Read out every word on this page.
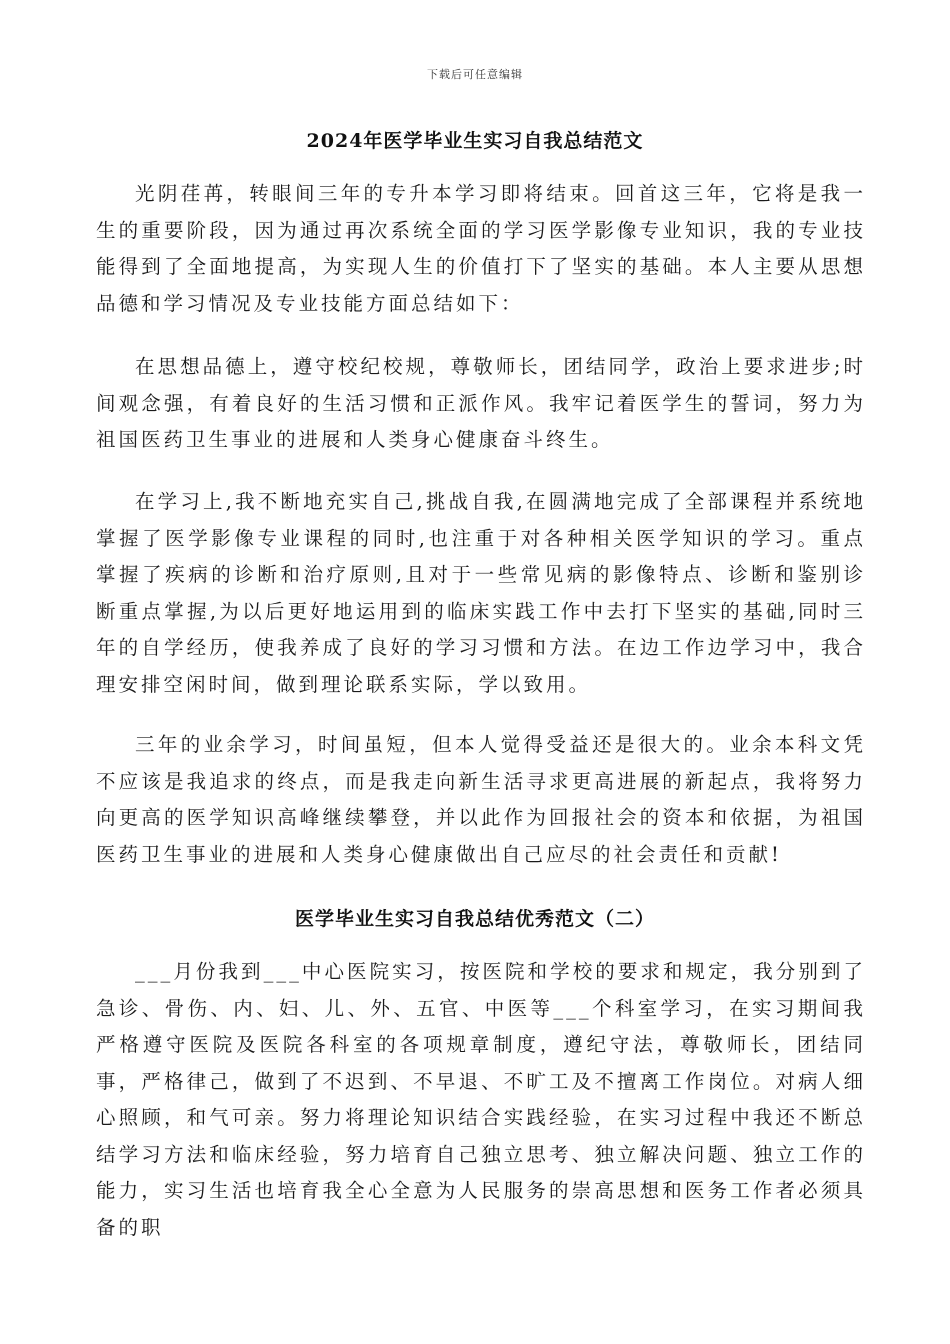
下载后可任意编辑
2024年医学毕业生实习自我总结范文

光阴荏苒，转眼间三年的专升本学习即将结束。回首这三年，它将是我一生的重要阶段，因为通过再次系统全面的学习医学影像专业知识，我的专业技能得到了全面地提高，为实现人生的价值打下了坚实的基础。本人主要从思想品德和学习情况及专业技能方面总结如下：

在思想品德上，遵守校纪校规，尊敬师长，团结同学，政治上要求进步;时间观念强，有着良好的生活习惯和正派作风。我牢记着医学生的誓词，努力为祖国医药卫生事业的进展和人类身心健康奋斗终生。

在学习上,我不断地充实自己,挑战自我,在圆满地完成了全部课程并系统地掌握了医学影像专业课程的同时,也注重于对各种相关医学知识的学习。重点掌握了疾病的诊断和治疗原则,且对于一些常见病的影像特点、诊断和鉴别诊断重点掌握,为以后更好地运用到的临床实践工作中去打下坚实的基础,同时三年的自学经历，使我养成了良好的学习习惯和方法。在边工作边学习中，我合理安排空闲时间，做到理论联系实际，学以致用。

三年的业余学习，时间虽短，但本人觉得受益还是很大的。业余本科文凭不应该是我追求的终点，而是我走向新生活寻求更高进展的新起点，我将努力向更高的医学知识高峰继续攀登，并以此作为回报社会的资本和依据，为祖国医药卫生事业的进展和人类身心健康做出自己应尽的社会责任和贡献!

医学毕业生实习自我总结优秀范文（二）

___月份我到___中心医院实习，按医院和学校的要求和规定，我分别到了急诊、骨伤、内、妇、儿、外、五官、中医等___个科室学习，在实习期间我严格遵守医院及医院各科室的各项规章制度，遵纪守法，尊敬师长，团结同事，严格律己，做到了不迟到、不早退、不旷工及不擅离工作岗位。对病人细心照顾，和气可亲。努力将理论知识结合实践经验，在实习过程中我还不断总结学习方法和临床经验，努力培育自己独立思考、独立解决问题、独立工作的能力，实习生活也培育我全心全意为人民服务的崇高思想和医务工作者必须具备的职
